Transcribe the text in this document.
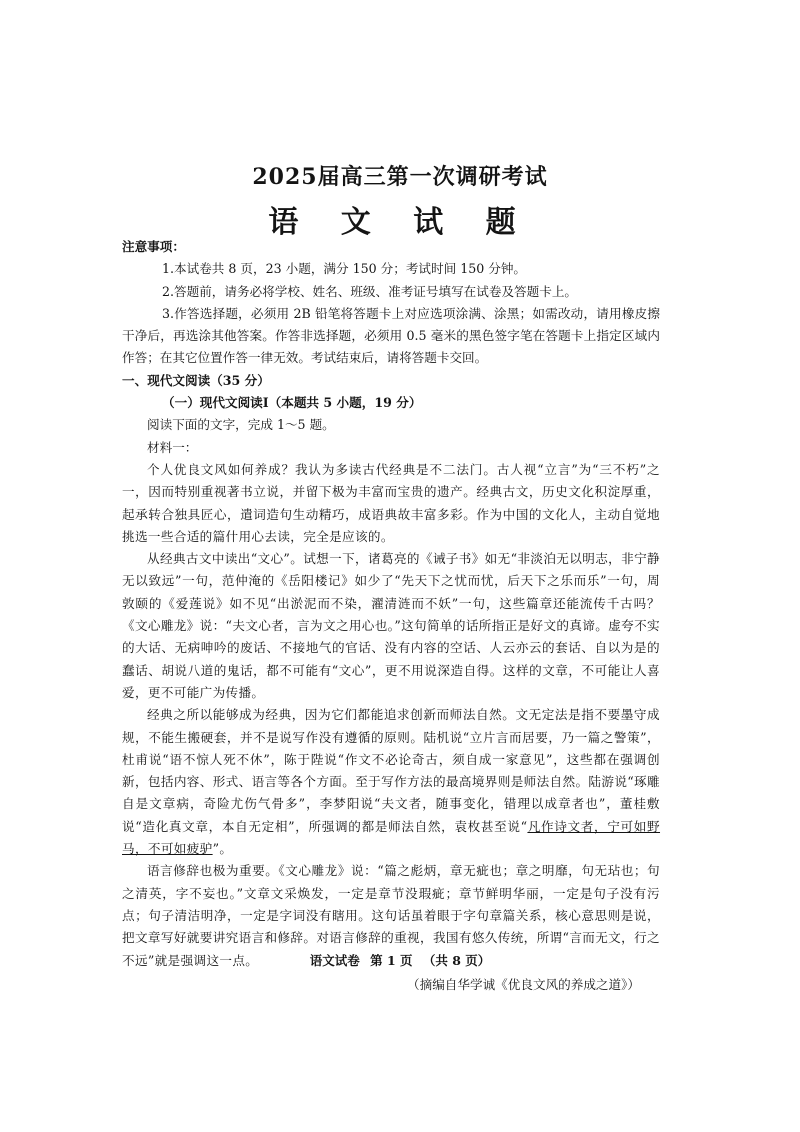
2025届高三第一次调研考试
语 文 试 题

注意事项：

1.本试卷共 8 页，23 小题，满分 150 分；考试时间 150 分钟。

2.答题前，请务必将学校、姓名、班级、准考证号填写在试卷及答题卡上。

3.作答选择题，必须用 2B 铅笔将答题卡上对应选项涂满、涂黑；如需改动，请用橡皮擦干净后，再选涂其他答案。作答非选择题，必须用 0.5 毫米的黑色签字笔在答题卡上指定区域内作答；在其它位置作答一律无效。考试结束后，请将答题卡交回。

一、现代文阅读（35 分）

（一）现代文阅读Ⅰ（本题共 5 小题，19 分）

阅读下面的文字，完成 1～5 题。

材料一：

个人优良文风如何养成？我认为多读古代经典是不二法门。古人视“立言”为“三不朽”之一，因而特别重视著书立说，并留下极为丰富而宝贵的遗产。经典古文，历史文化积淀厚重，起承转合独具匠心，遣词造句生动精巧，成语典故丰富多彩。作为中国的文化人，主动自觉地挑选一些合适的篇什用心去读，完全是应该的。

从经典古文中读出“文心”。试想一下，诸葛亮的《诫子书》如无“非淡泊无以明志，非宁静无以致远”一句，范仲淹的《岳阳楼记》如少了“先天下之忧而忧，后天下之乐而乐”一句，周敦颐的《爱莲说》如不见“出淤泥而不染，濯清涟而不妖”一句，这些篇章还能流传千古吗？《文心雕龙》说：“夫文心者，言为文之用心也。”这句简单的话所指正是好文的真谛。虚夸不实的大话、无病呻吟的废话、不接地气的官话、没有内容的空话、人云亦云的套话、自以为是的蠢话、胡说八道的鬼话，都不可能有“文心”，更不用说深造自得。这样的文章，不可能让人喜爱，更不可能广为传播。

经典之所以能够成为经典，因为它们都能追求创新而师法自然。文无定法是指不要墨守成规，不能生搬硬套，并不是说写作没有遵循的原则。陆机说“立片言而居要，乃一篇之警策”，杜甫说“语不惊人死不休”，陈于陛说“作文不必论奇古，须自成一家意见”，这些都在强调创新，包括内容、形式、语言等各个方面。至于写作方法的最高境界则是师法自然。陆游说“琢雕自是文章病，奇险尤伤气骨多”，李梦阳说“夫文者，随事变化，错理以成章者也”，董桂敷说“造化真文章，本自无定相”，所强调的都是师法自然，袁枚甚至说“凡作诗文者，宁可如野马，不可如疲驴”。

语言修辞也极为重要。《文心雕龙》说：“篇之彪炳，章无疵也；章之明靡，句无玷也；句之清英，字不妄也。”文章文采焕发，一定是章节没瑕疵；章节鲜明华丽，一定是句子没有污点；句子清洁明净，一定是字词没有瞎用。这句话虽着眼于字句章篇关系，核心意思则是说，把文章写好就要讲究语言和修辞。对语言修辞的重视，我国有悠久传统，所谓“言而无文，行之不远”就是强调这一点。

（摘编自华学诚《优良文风的养成之道》）

语文试卷 第 1 页 （共 8 页）
